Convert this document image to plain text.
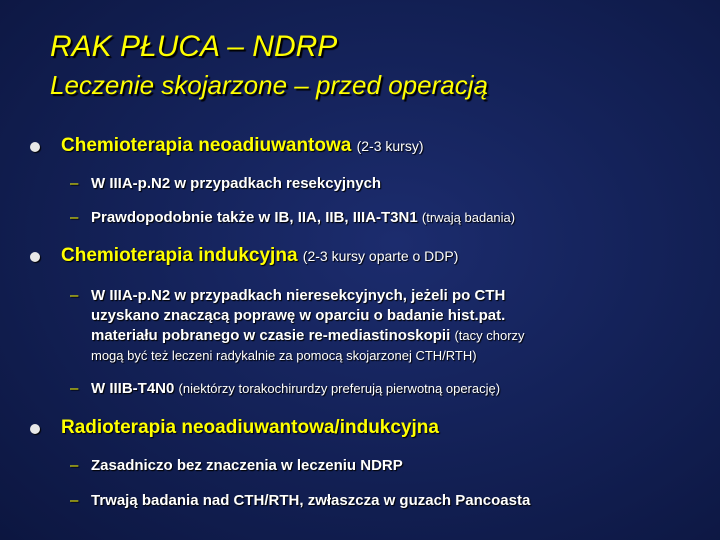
RAK PŁUCA – NDRP
Leczenie skojarzone – przed operacją
Chemioterapia neoadiuwantowa (2-3 kursy)
– W IIIA-p.N2 w przypadkach resekcyjnych
– Prawdopodobnie także w IB, IIA, IIB, IIIA-T3N1 (trwają badania)
Chemioterapia indukcyjna (2-3 kursy oparte o DDP)
– W IIIA-p.N2 w przypadkach nieresekcyjnych, jeżeli po CTH
uzyskano znaczącą poprawę w oparciu o badanie hist.pat.
materiału pobranego w czasie re-mediastinoskopii (tacy chorzy
mogą być też leczeni radykalnie za pomocą skojarzonej CTH/RTH)
– W IIIB-T4N0 (niektórzy torakochirurdzy preferują pierwotną operację)
Radioterapia neoadiuwantowa/indukcyjna
– Zasadniczo bez znaczenia w leczeniu NDRP
– Trwają badania nad CTH/RTH, zwłaszcza w guzach Pancoasta
